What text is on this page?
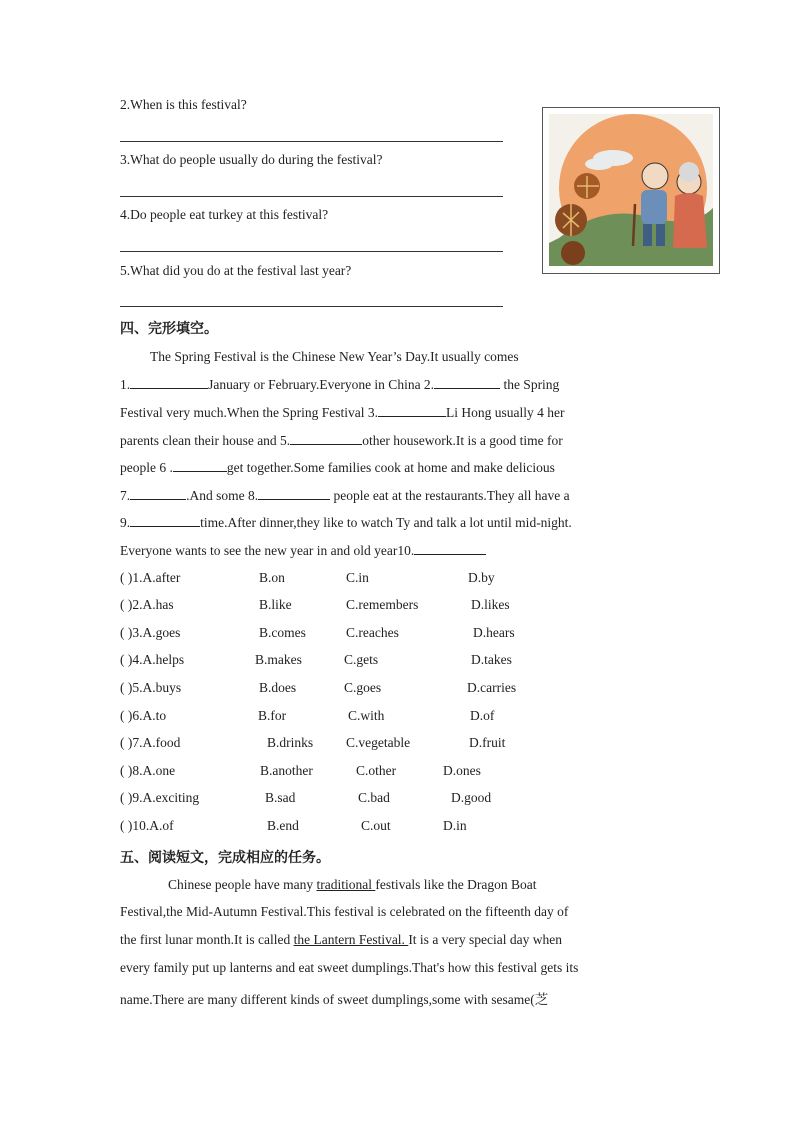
2.When is this festival?
3.What do people usually do during the festival?
4.Do people eat turkey at this festival?
5.What did you do at the festival last year?
四、完形填空。
The Spring Festival is the Chinese New Year’s Day.It usually comes
1.	January or February.Everyone in China 2.	the Spring
Festival very much.When the Spring Festival 3.	Li Hong usually 4 her
parents clean their house and 5.	other housework.It is a good time for
people 6 .	get together.Some families cook at home and make delicious
7.	.And some 8.	people eat at the restaurants.They all have a
9.	time.After dinner,they like to watch Ty and talk a lot until mid-night.
Everyone wants to see the new year in and old year10.
( )1.A.after	B.on	C.in	D.by
( )2.A.has	B.like	C.remembers	D.likes
( )3.A.goes	B.comes	C.reaches	D.hears
( )4.A.helps	B.makes	C.gets	D.takes
( )5.A.buys	B.does	C.goes	D.carries
( )6.A.to	B.for	C.with	D.of
( )7.A.food	B.drinks C.vegetable	D.fruit
( )8.A.one	B.another	C.other	D.ones
( )9.A.exciting	B.sad	C.bad	D.good
( )10.A.of	B.end	C.out	D.in
五、阅读短文，完成相应的任务。
Chinese people have many traditional festivals like the Dragon Boat
Festival,the Mid-Autumn Festival.This festival is celebrated on the fifteenth day of
the first lunar month.It is called the Lantern Festival. It is a very special day when
every family put up lanterns and eat sweet dumplings.That's how this festival gets its
name.There are many different kinds of sweet dumplings,some with sesame(芝
